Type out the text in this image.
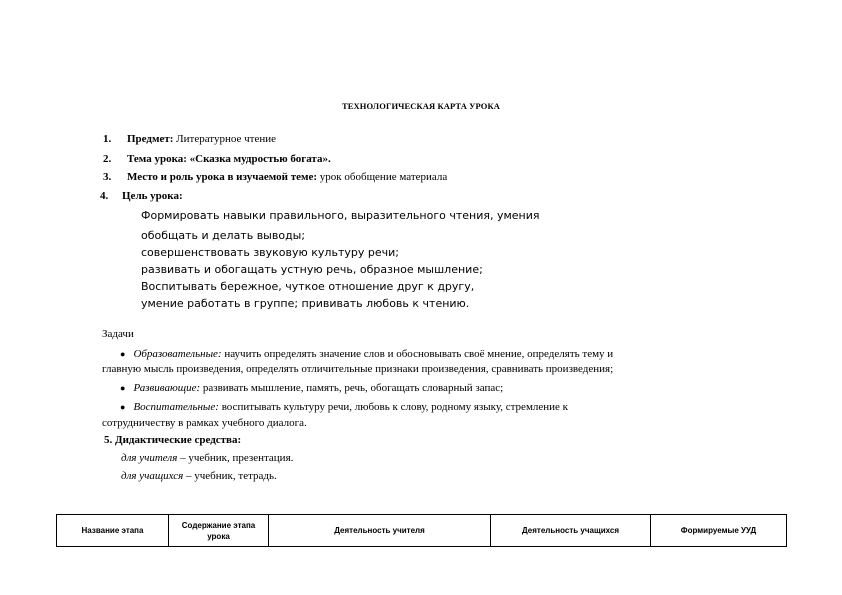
ТЕХНОЛОГИЧЕСКАЯ КАРТА УРОКА
1. Предмет: Литературное чтение
2. Тема урока: «Сказка мудростью богата».
3. Место и роль урока в изучаемой теме: урок обобщение материала
4. Цель урока:
Формировать навыки правильного, выразительного чтения, умения
обобщать и делать выводы;
совершенствовать звуковую культуру речи;
развивать и обогащать устную речь, образное мышление;
Воспитывать бережное, чуткое отношение друг к другу,
умение работать в группе; прививать любовь к чтению.
Задачи
● Образовательные: научить определять значение слов и обосновывать своё мнение, определять тему и
главную мысль произведения, определять отличительные признаки произведения, сравнивать произведения;
● Развивающие: развивать мышление, память, речь, обогащать словарный запас;
● Воспитательные: воспитывать культуру речи, любовь к слову, родному языку, стремление к
сотрудничеству в рамках учебного диалога.
5. Дидактические средства:
для учителя – учебник, презентация.
для учащихся – учебник, тетрадь.
Название этапа	Содержание этапа урока	Деятельность учителя	Деятельность учащихся	Формируемые УУД
